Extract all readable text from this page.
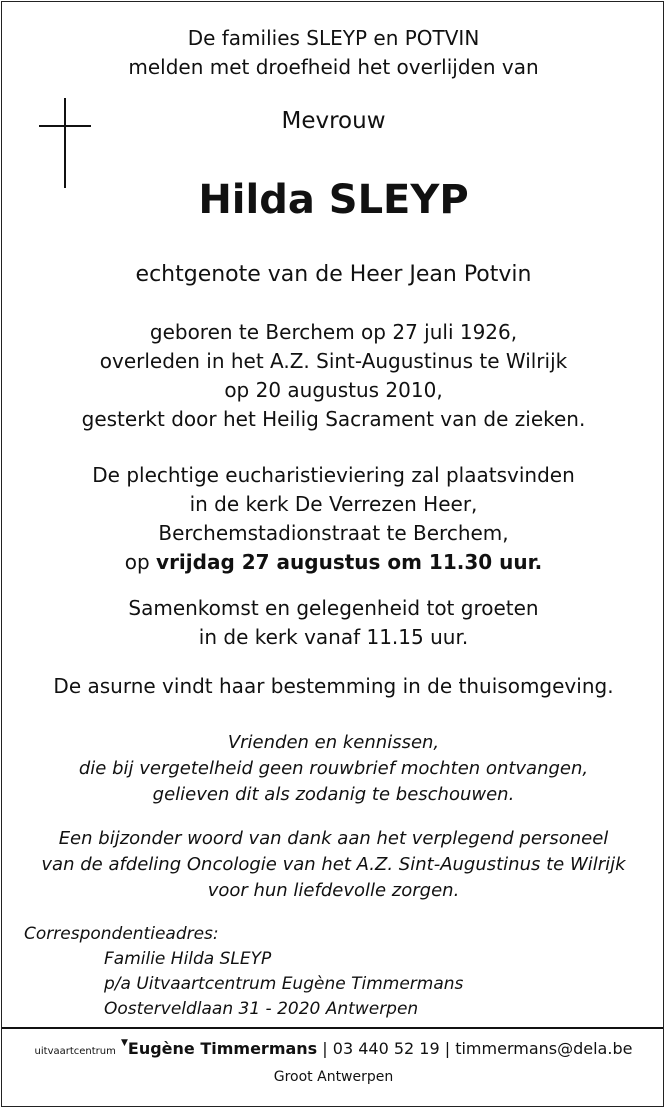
De families SLEYP en POTVIN
melden met droefheid het overlijden van
Mevrouw
Hilda SLEYP
echtgenote van de Heer Jean Potvin
geboren te Berchem op 27 juli 1926,
overleden in het A.Z. Sint-Augustinus te Wilrijk
op 20 augustus 2010,
gesterkt door het Heilig Sacrament van de zieken.
De plechtige eucharistieviering zal plaatsvinden
in de kerk De Verrezen Heer,
Berchemstadionstraat te Berchem,
op vrijdag 27 augustus om 11.30 uur.
Samenkomst en gelegenheid tot groeten
in de kerk vanaf 11.15 uur.
De asurne vindt haar bestemming in de thuisomgeving.
Vrienden en kennissen,
die bij vergetelheid geen rouwbrief mochten ontvangen,
gelieven dit als zodanig te beschouwen.
Een bijzonder woord van dank aan het verplegend personeel
van de afdeling Oncologie van het A.Z. Sint-Augustinus te Wilrijk
voor hun liefdevolle zorgen.
Correspondentieadres:
Familie Hilda SLEYP
p/a Uitvaartcentrum Eugène Timmermans
Oosterveldlaan 31 - 2020 Antwerpen
uitvaartcentrum ▼Eugène Timmermans | 03 440 52 19 | timmermans@dela.be
Groot Antwerpen
